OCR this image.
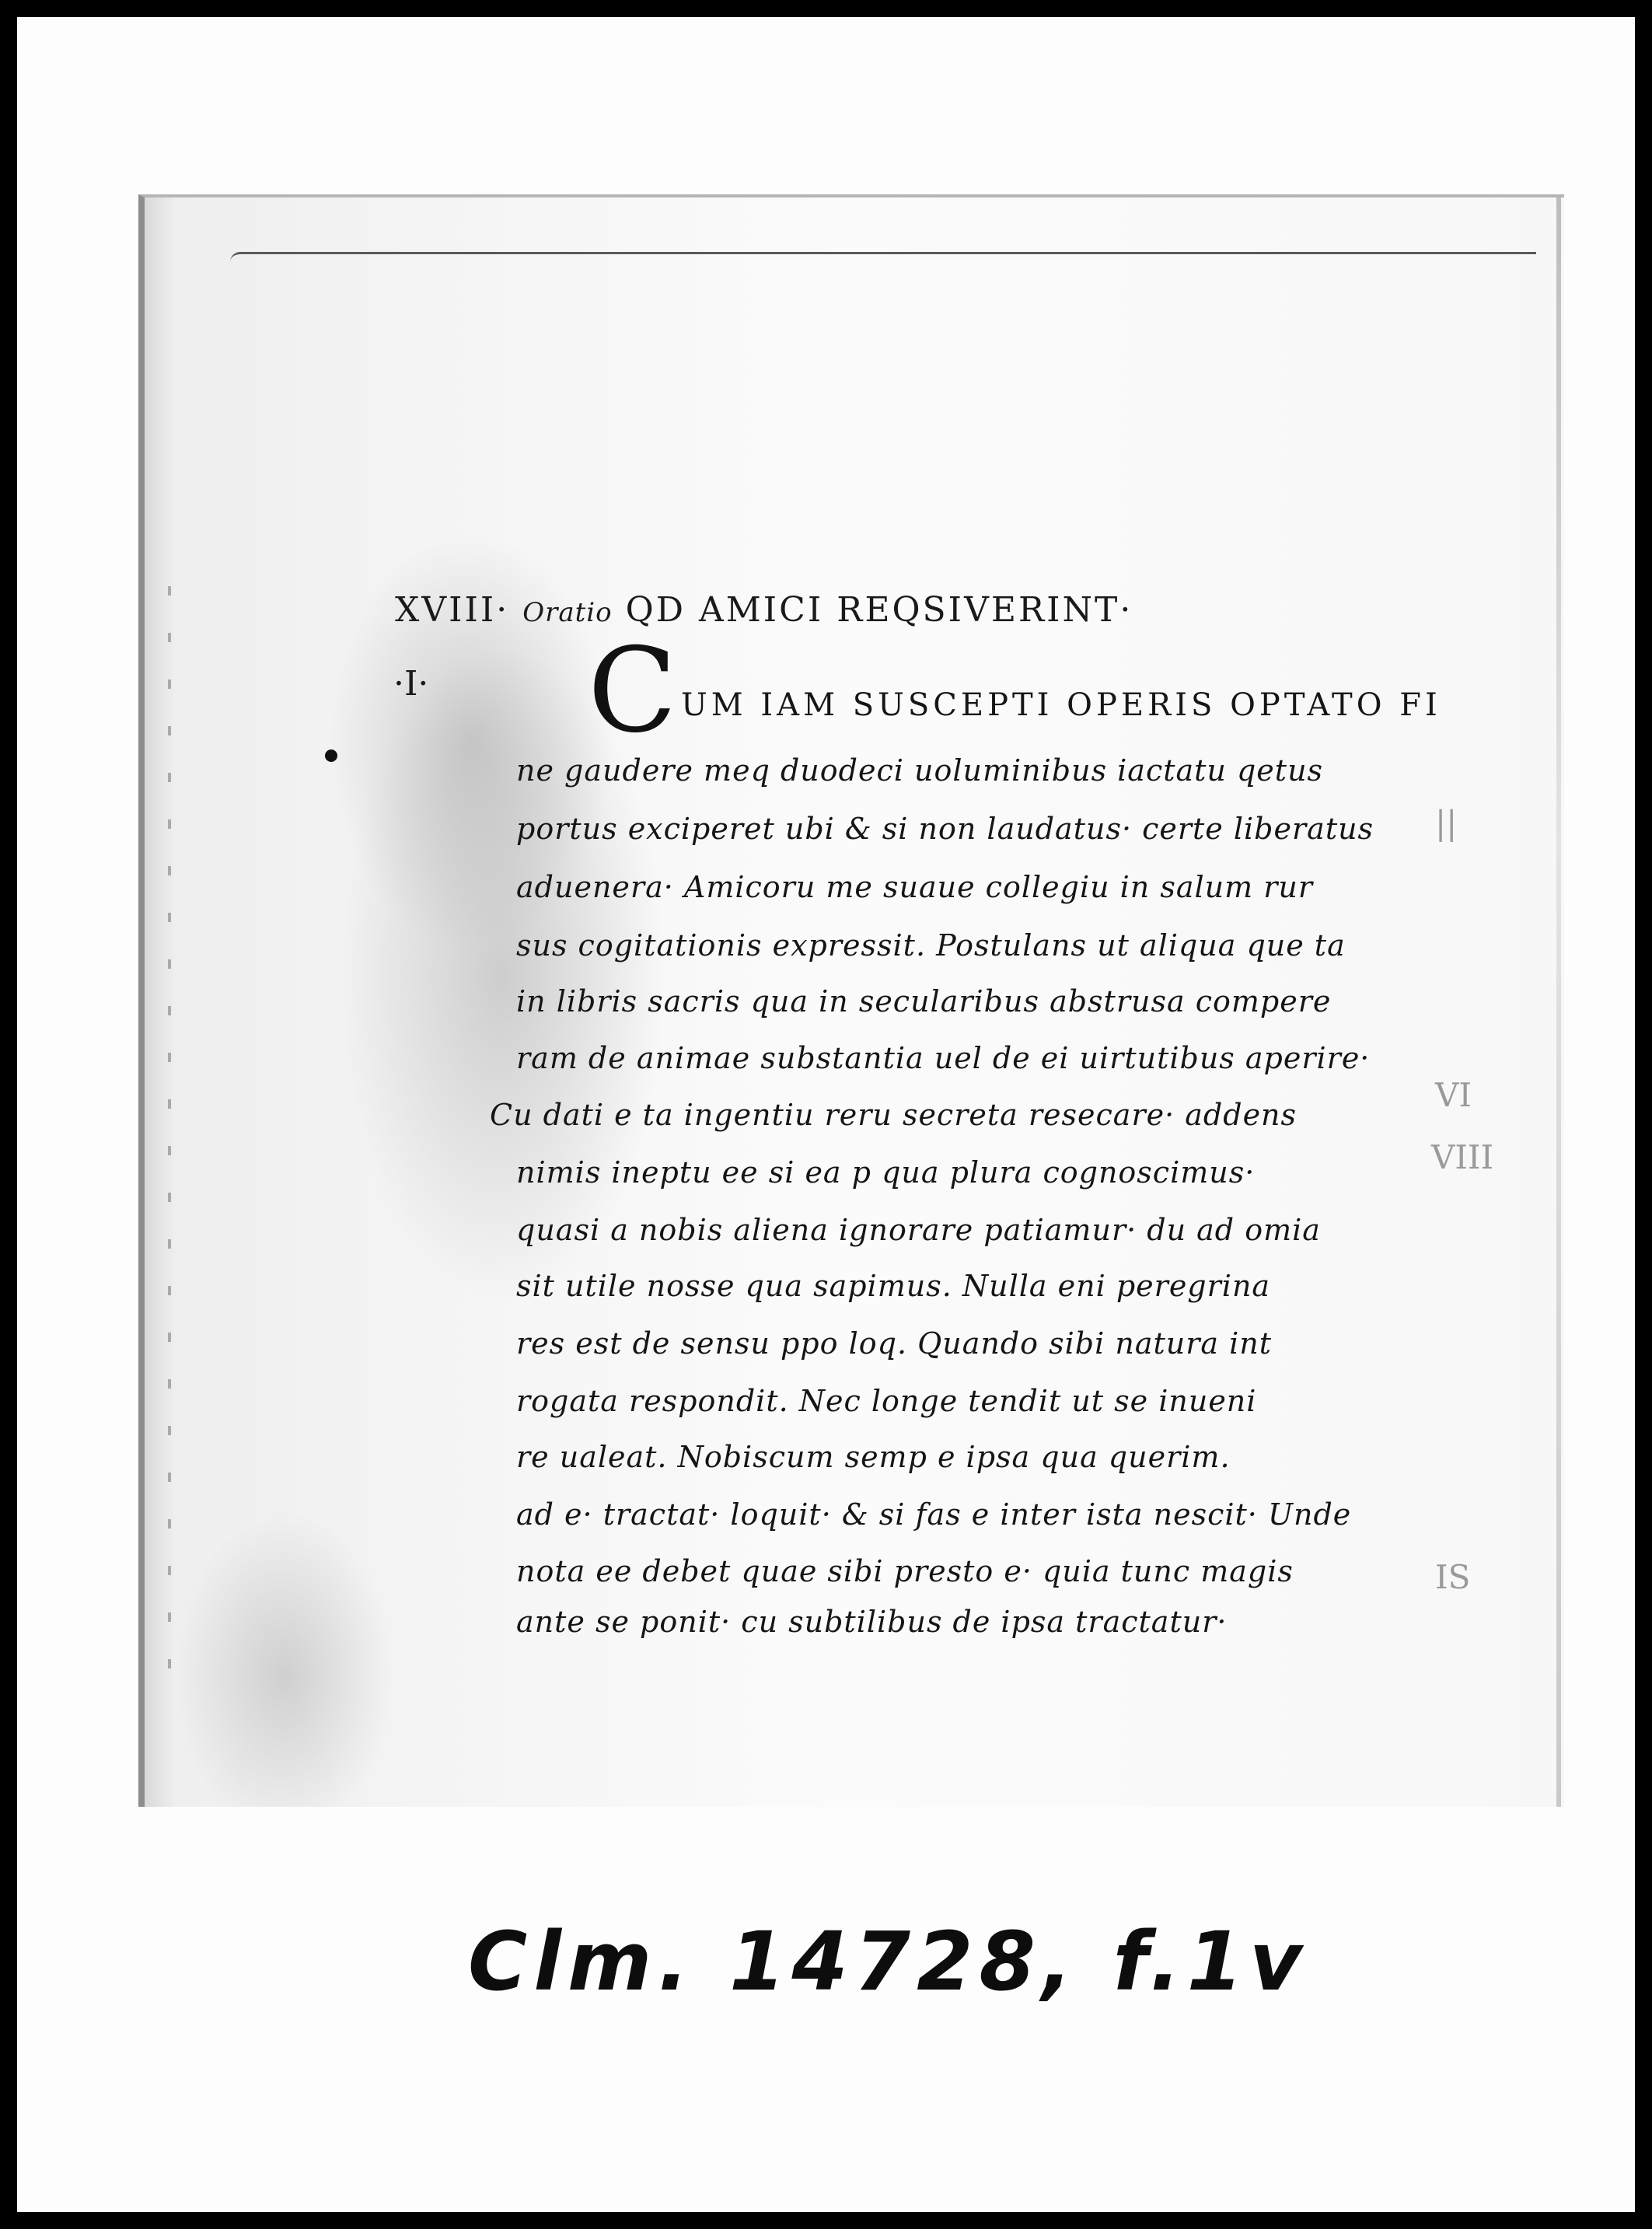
XVIII· Oratio QD AMICI REQSIVERINT·
·I· C UM IAM SUSCEPTI OPERIS OPTATO FI
ne gaudere meq duodeci uoluminibus iactatu qetus
portus exciperet ubi & si non laudatus· certe liberatus
aduenera· Amicoru me suaue collegiu in salum rur
sus cogitationis expressit. Postulans ut aliqua que ta
in libris sacris qua in secularibus abstrusa compere
ram de animae substantia uel de ei uirtutibus aperire·
Cu dati e ta ingentiu reru secreta resecare· addens
nimis ineptu ee si ea p qua plura cognoscimus·
quasi a nobis aliena ignorare patiamur· du ad omia
sit utile nosse qua sapimus. Nulla eni peregrina
res est de sensu ppo loq. Quando sibi natura int
rogata respondit. Nec longe tendit ut se inueni
re ualeat. Nobiscum semp e ipsa qua querim.
ad e· tractat· loquit· & si fas e inter ista nescit· Unde
nota ee debet quae sibi presto e· quia tunc magis
ante se ponit· cu subtilibus de ipsa tractatur·
||
VI
VIII
IS
Clm. 14728, f.1v
